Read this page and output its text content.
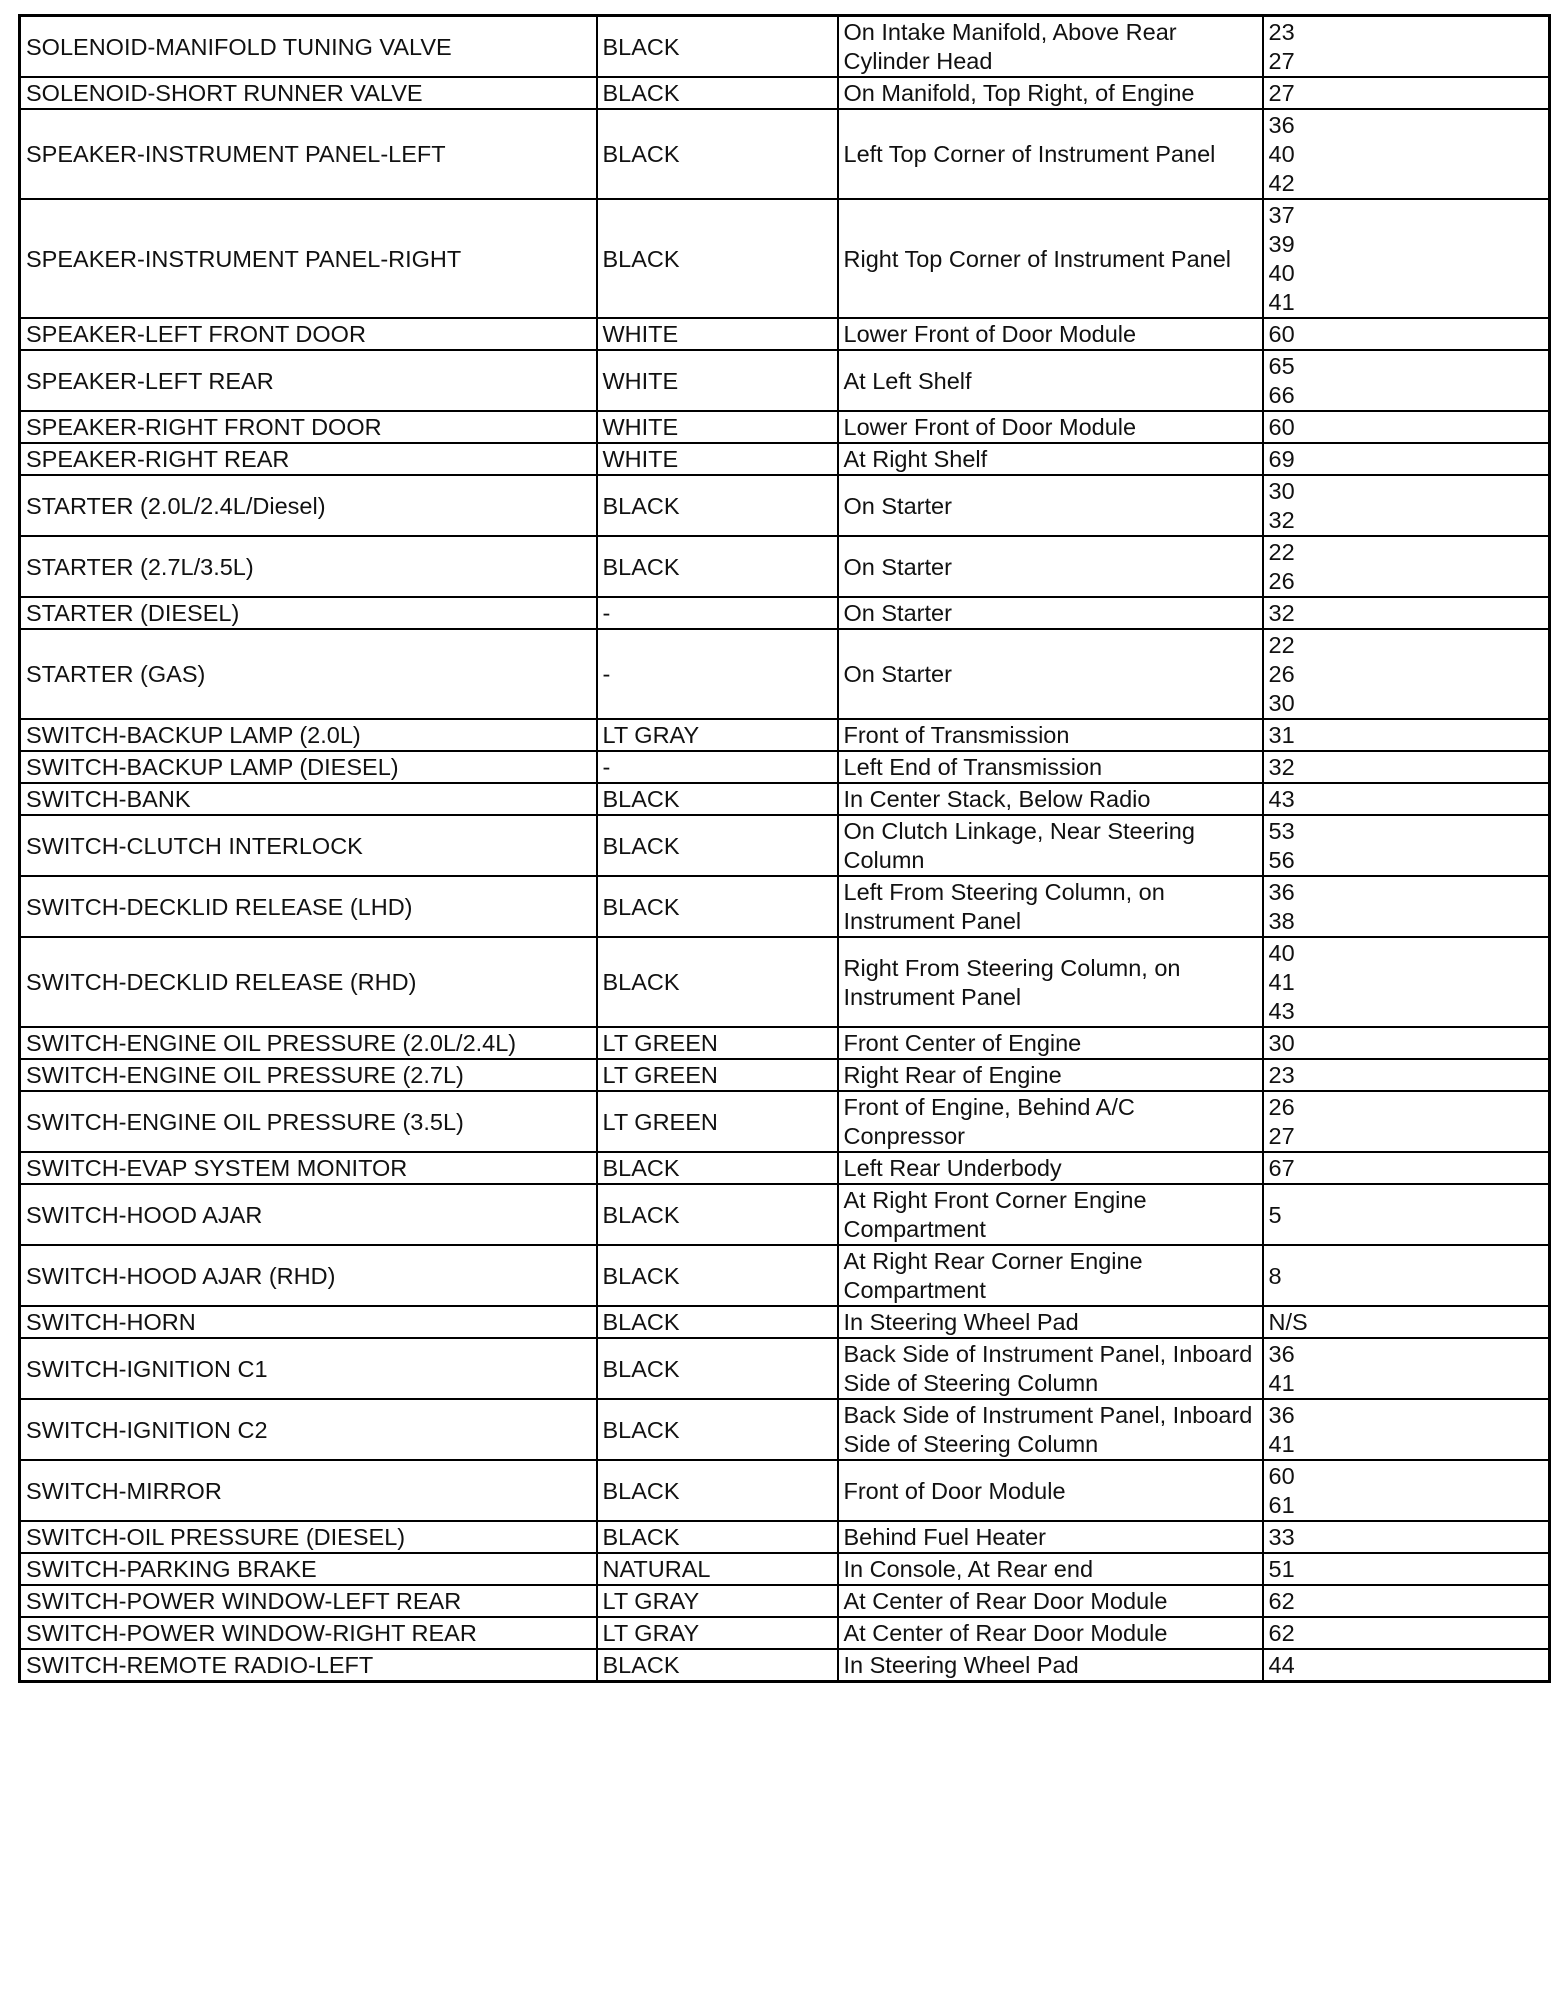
SOLENOID-MANIFOLD TUNING VALVE	BLACK	On Intake Manifold, Above Rear Cylinder Head	23
27
SOLENOID-SHORT RUNNER VALVE	BLACK	On Manifold, Top Right, of Engine	27
SPEAKER-INSTRUMENT PANEL-LEFT	BLACK	Left Top Corner of Instrument Panel	36
40
42
SPEAKER-INSTRUMENT PANEL-RIGHT	BLACK	Right Top Corner of Instrument Panel	37
39
40
41
SPEAKER-LEFT FRONT DOOR	WHITE	Lower Front of Door Module	60
SPEAKER-LEFT REAR	WHITE	At Left Shelf	65
66
SPEAKER-RIGHT FRONT DOOR	WHITE	Lower Front of Door Module	60
SPEAKER-RIGHT REAR	WHITE	At Right Shelf	69
STARTER (2.0L/2.4L/Diesel)	BLACK	On Starter	30
32
STARTER (2.7L/3.5L)	BLACK	On Starter	22
26
STARTER (DIESEL)	-	On Starter	32
STARTER (GAS)	-	On Starter	22
26
30
SWITCH-BACKUP LAMP (2.0L)	LT GRAY	Front of Transmission	31
SWITCH-BACKUP LAMP (DIESEL)	-	Left End of Transmission	32
SWITCH-BANK	BLACK	In Center Stack, Below Radio	43
SWITCH-CLUTCH INTERLOCK	BLACK	On Clutch Linkage, Near Steering Column	53
56
SWITCH-DECKLID RELEASE (LHD)	BLACK	Left From Steering Column, on Instrument Panel	36
38
SWITCH-DECKLID RELEASE (RHD)	BLACK	Right From Steering Column, on Instrument Panel	40
41
43
SWITCH-ENGINE OIL PRESSURE (2.0L/2.4L)	LT GREEN	Front Center of Engine	30
SWITCH-ENGINE OIL PRESSURE (2.7L)	LT GREEN	Right Rear of Engine	23
SWITCH-ENGINE OIL PRESSURE (3.5L)	LT GREEN	Front of Engine, Behind A/C Conpressor	26
27
SWITCH-EVAP SYSTEM MONITOR	BLACK	Left Rear Underbody	67
SWITCH-HOOD AJAR	BLACK	At Right Front Corner Engine Compartment	5
SWITCH-HOOD AJAR (RHD)	BLACK	At Right Rear Corner Engine Compartment	8
SWITCH-HORN	BLACK	In Steering Wheel Pad	N/S
SWITCH-IGNITION C1	BLACK	Back Side of Instrument Panel, Inboard Side of Steering Column	36
41
SWITCH-IGNITION C2	BLACK	Back Side of Instrument Panel, Inboard Side of Steering Column	36
41
SWITCH-MIRROR	BLACK	Front of Door Module	60
61
SWITCH-OIL PRESSURE (DIESEL)	BLACK	Behind Fuel Heater	33
SWITCH-PARKING BRAKE	NATURAL	In Console, At Rear end	51
SWITCH-POWER WINDOW-LEFT REAR	LT GRAY	At Center of Rear Door Module	62
SWITCH-POWER WINDOW-RIGHT REAR	LT GRAY	At Center of Rear Door Module	62
SWITCH-REMOTE RADIO-LEFT	BLACK	In Steering Wheel Pad	44
